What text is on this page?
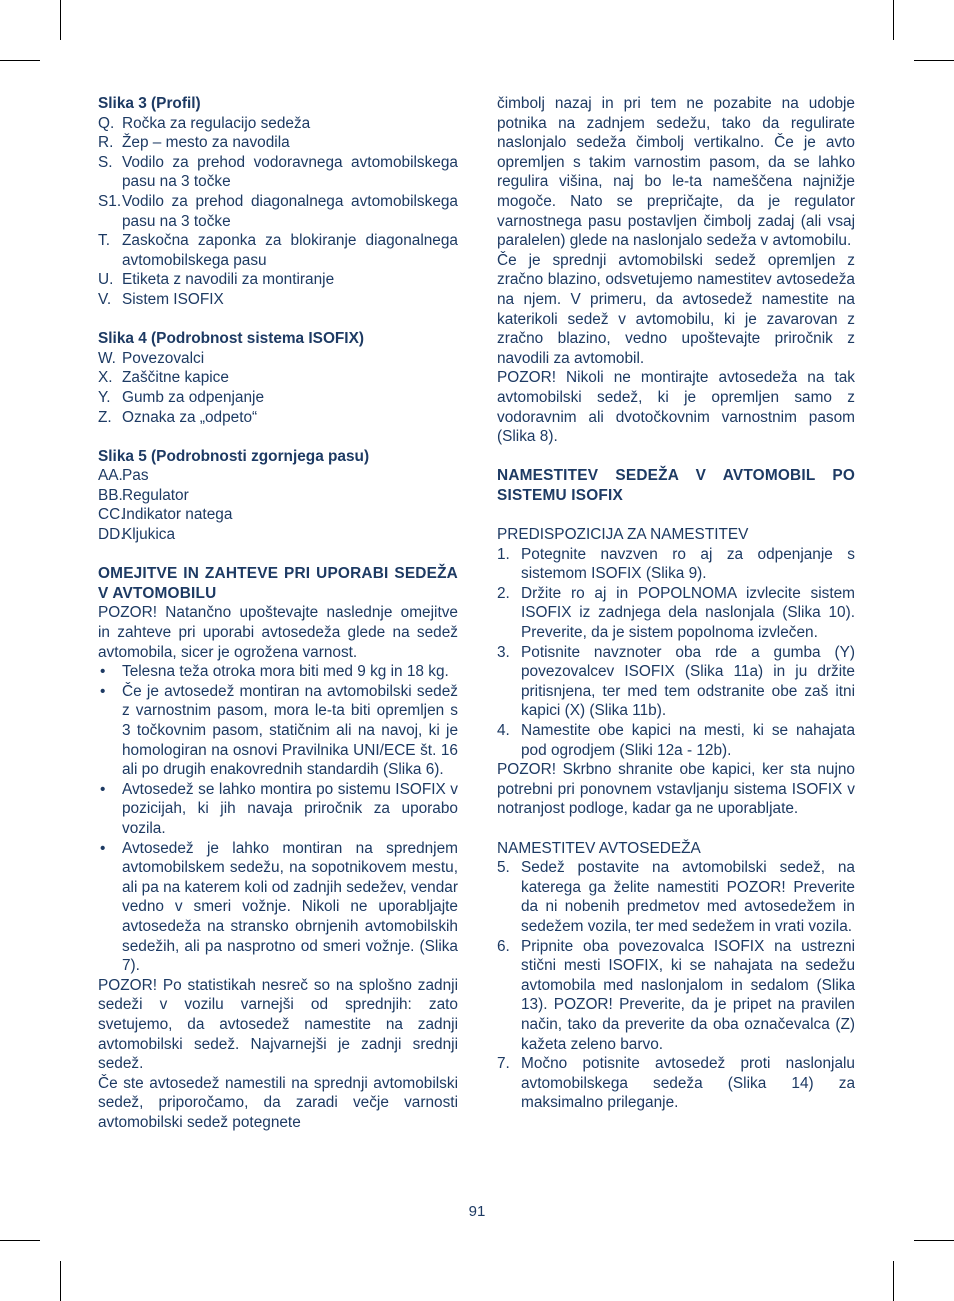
Slika 3 (Profil)

Q. Ročka za regulacijo sedeža
R. Žep – mesto za navodila
S. Vodilo za prehod vodoravnega avtomobilskega pasu na 3 točke
S1. Vodilo za prehod diagonalnega avtomobilskega pasu na 3 točke
T. Zaskočna zaponka za blokiranje diagonalnega avtomobilskega pasu
U. Etiketa z navodili za montiranje
V. Sistem ISOFIX

Slika 4 (Podrobnost sistema ISOFIX)

W. Povezovalci
X. Zaščitne kapice
Y. Gumb za odpenjanje
Z. Oznaka za „odpeto“

Slika 5 (Podrobnosti zgornjega pasu)

AA. Pas
BB. Regulator
CC.
Indikator natega
DD.
Kljukica
OMEJITVE IN ZAHTEVE PRI UPORABI SEDEŽA V AVTOMOBILU
POZOR! Natančno upoštevajte naslednje omejitve in zahteve pri uporabi avtosedeža glede na sedež avtomobila, sicer je ogrožena varnost.
• Telesna teža otroka mora biti med 9 kg in 18 kg.
• Če je avtosedež montiran na avtomobilski sedež z varnostnim pasom, mora le-ta biti opremljen s 3 točkovnim pasom, statičnim ali na navoj, ki je homologiran na osnovi Pravilnika UNI/ECE št. 16 ali po drugih enakovrednih standardih (Slika 6).
• Avtosedež se lahko montira po sistemu ISOFIX v pozicijah, ki jih navaja priročnik za uporabo vozila.
• Avtosedež je lahko montiran na sprednjem avtomobilskem sedežu, na sopotnikovem mestu, ali pa na katerem koli od zadnjih sedežev, vendar vedno v smeri vožnje. Nikoli ne uporabljajte avtosedeža na stransko obrnjenih avtomobilskih sedežih, ali pa nasprotno od smeri vožnje. (Slika 7).
POZOR! Po statistikah nesreč so na splošno zadnji sedeži v vozilu varnejši od sprednjih: zato svetujemo, da avtosedež namestite na zadnji avtomobilski sedež. Najvarnejši je zadnji srednji sedež.
Če ste avtosedež namestili na sprednji avtomobilski sedež, priporočamo, da zaradi večje varnosti avtomobilski sedež potegnete
čimbolj nazaj in pri tem ne pozabite na udobje potnika na zadnjem sedežu, tako da regulirate naslonjalo sedeža čimbolj vertikalno. Če je avto opremljen s takim varnostim pasom, da se lahko regulira višina, naj bo le-ta nameščena najnižje mogoče. Nato se prepričajte, da je regulator varnostnega pasu postavljen čimbolj zadaj (ali vsaj paralelen) glede na naslonjalo sedeža v avtomobilu.
Če je sprednji avtomobilski sedež opremljen z zračno blazino, odsvetujemo namestitev avtosedeža na njem. V primeru, da avtosedež namestite na katerikoli sedež v avtomobilu, ki je zavarovan z zračno blazino, vedno upoštevajte priročnik z navodili za avtomobil.
POZOR! Nikoli ne montirajte avtosedeža na tak avtomobilski sedež, ki je opremljen samo z vodoravnim ali dvotočkovnim varnostnim pasom (Slika 8).
NAMESTITEV SEDEŽA V AVTOMOBIL PO SISTEMU ISOFIX
PREDISPOZICIJA ZA NAMESTITEV
1. Potegnite navzven ro aj za odpenjanje s sistemom ISOFIX (Slika 9).
2. Držite ro aj in POPOLNOMA izvlecite sistem ISOFIX iz zadnjega dela naslonjala (Slika 10). Preverite, da je sistem popolnoma izvlečen.
3. Potisnite navznoter oba rde a gumba (Y) povezovalcev ISOFIX (Slika 11a) in ju držite pritisnjena, ter med tem odstranite obe zaš itni kapici (X) (Slika 11b).
4. Namestite obe kapici na mesti, ki se nahajata pod ogrodjem (Sliki 12a - 12b).
POZOR! Skrbno shranite obe kapici, ker sta nujno potrebni pri ponovnem vstavljanju sistema ISOFIX v notranjost podloge, kadar ga ne uporabljate.
NAMESTITEV AVTOSEDEŽA
5. Sedež postavite na avtomobilski sedež, na katerega ga želite namestiti POZOR! Preverite da ni nobenih predmetov med avtosedežem in sedežem vozila, ter med sedežem in vrati vozila.
6. Pripnite oba povezovalca ISOFIX na ustrezni stični mesti ISOFIX, ki se nahajata na sedežu avtomobila med naslonjalom in sedalom (Slika 13). POZOR! Preverite, da je pripet na pravilen način, tako da preverite da oba označevalca (Z) kažeta zeleno barvo.
7. Močno potisnite avtosedež proti naslonjalu avtomobilskega sedeža (Slika 14) za maksimalno prileganje.
91
